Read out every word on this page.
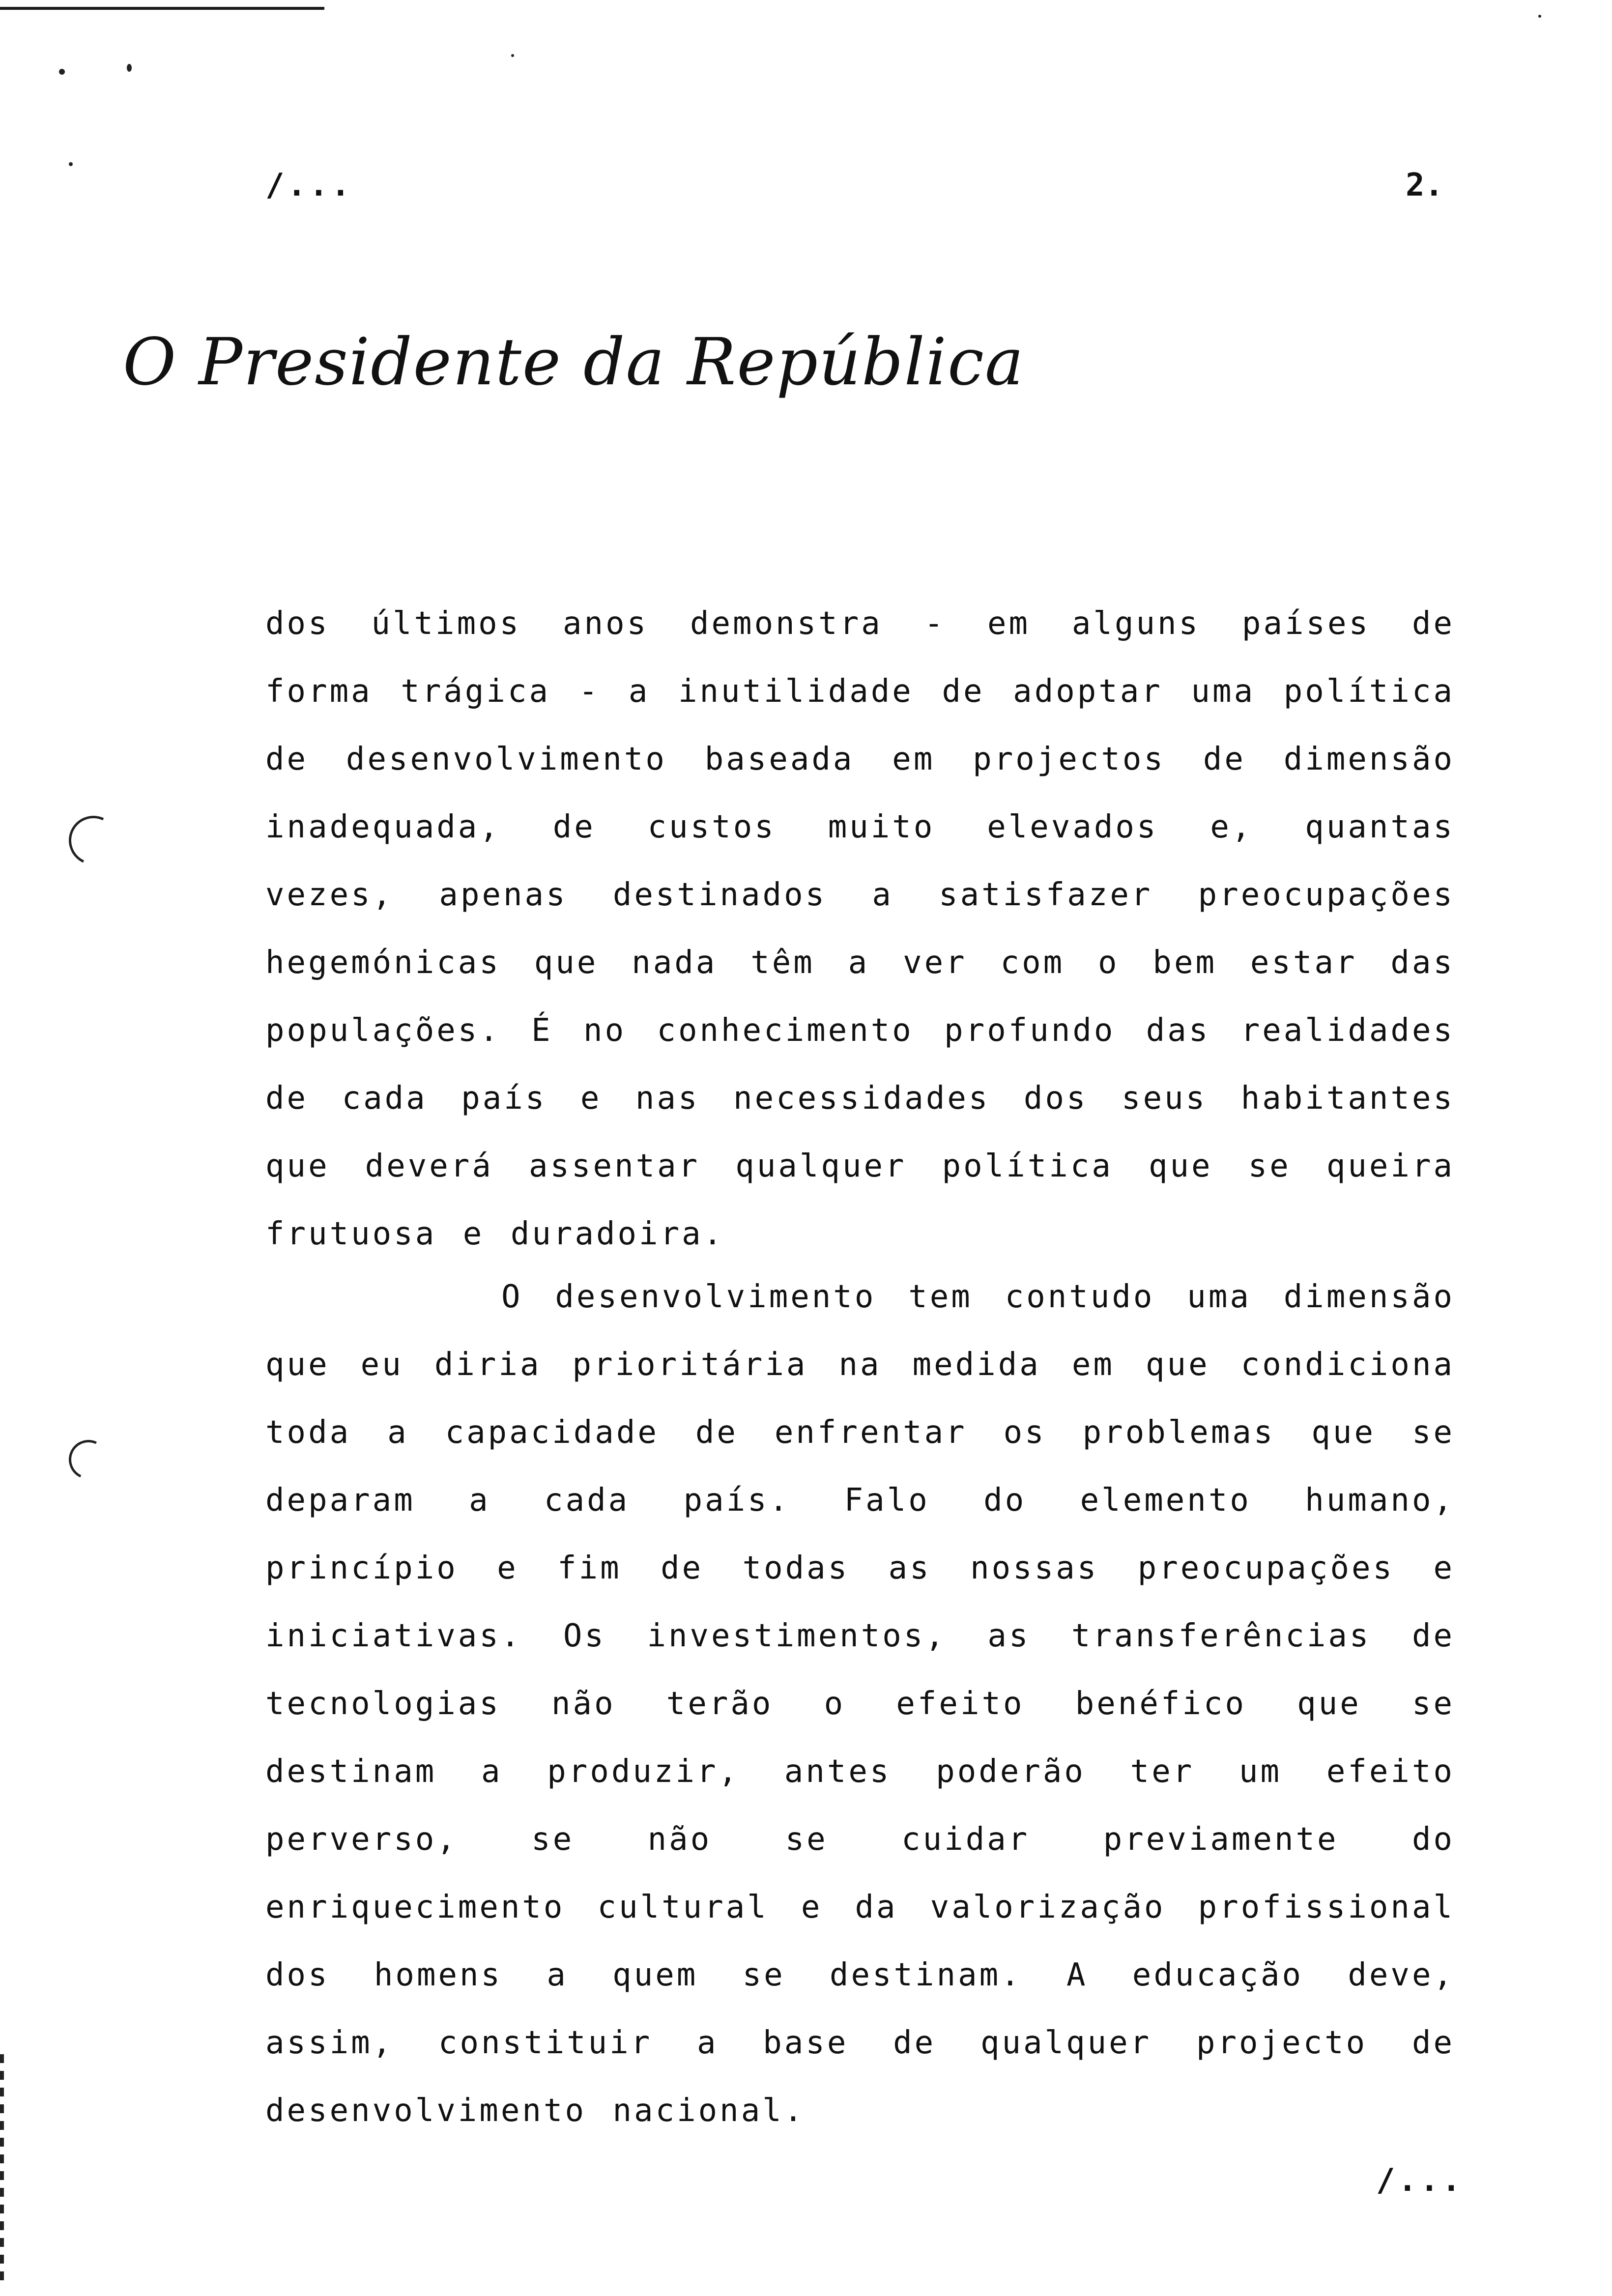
/...	2.
O Presidente da República
dos últimos anos demonstra - em alguns países de forma trágica - a inutilidade de adoptar uma política de desenvolvimento baseada em projectos de dimensão inadequada, de custos muito elevados e, quantas vezes, apenas destinados a satisfazer preocupações hegemónicas que nada têm a ver com o bem estar das populações. É no conhecimento profundo das realidades de cada país e nas necessidades dos seus habitantes que deverá assentar qualquer política que se queira frutuosa e duradoira.
O desenvolvimento tem contudo uma dimensão que eu diria prioritária na medida em que condiciona toda a capacidade de enfrentar os problemas que se deparam a cada país. Falo do elemento humano, princípio e fim de todas as nossas preocupações e iniciativas. Os investimentos, as transferências de tecnologias não terão o efeito benéfico que se destinam a produzir, antes poderão ter um efeito perverso, se não se cuidar previamente do enriquecimento cultural e da valorização profissional dos homens a quem se destinam. A educação deve, assim, constituir a base de qualquer projecto de desenvolvimento nacional.
/...
